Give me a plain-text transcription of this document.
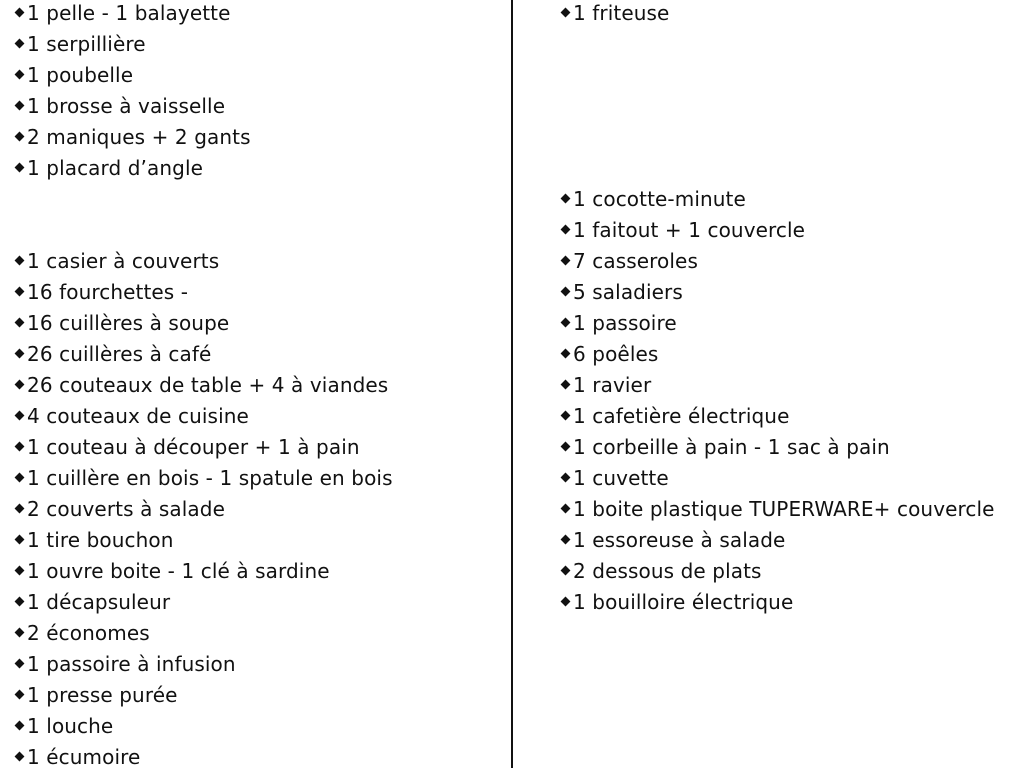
1 pelle - 1 balayette
1 serpillière
1 poubelle
1 brosse à vaisselle
2 maniques + 2 gants
1 placard d’angle
1 casier à couverts
16 fourchettes -
16 cuillères à soupe
26 cuillères à café
26 couteaux de table + 4 à viandes
4 couteaux de cuisine
1 couteau à découper + 1 à pain
1 cuillère en bois - 1 spatule en bois
2 couverts à salade
1 tire bouchon
1 ouvre boite - 1 clé à sardine
1 décapsuleur
2 économes
1 passoire à infusion
1 presse purée
1 louche
1 écumoire
1 friteuse
1 cocotte-minute
1 faitout + 1 couvercle
7 casseroles
5 saladiers
1 passoire
6 poêles
1 ravier
1 cafetière électrique
1 corbeille à pain - 1 sac à pain
1 cuvette
1 boite plastique TUPERWARE+ couvercle
1 essoreuse à salade
2 dessous de plats
1 bouilloire électrique
